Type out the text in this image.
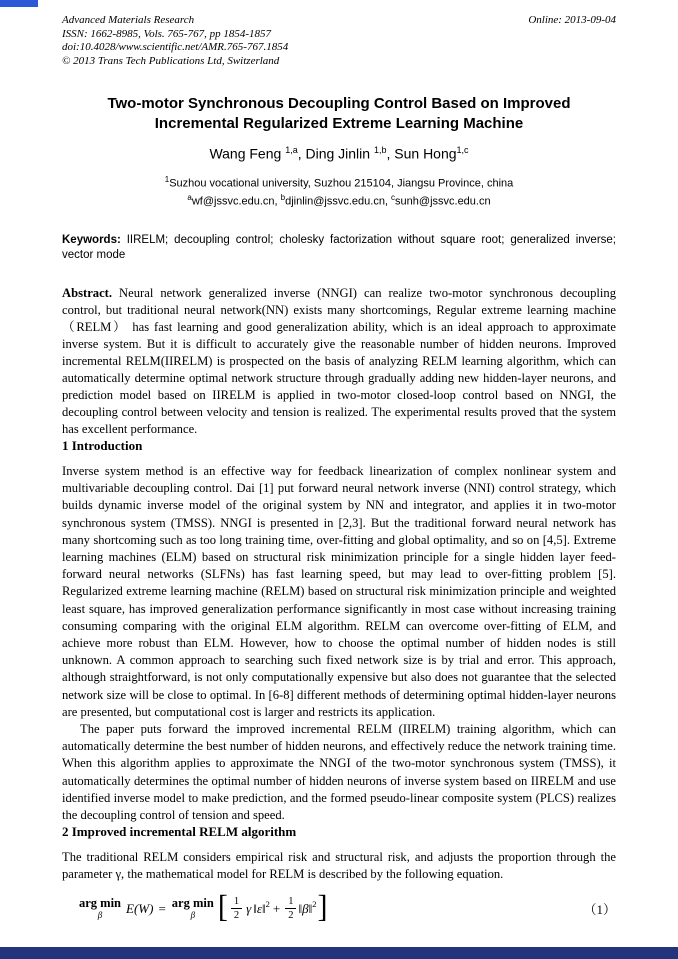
Advanced Materials Research
ISSN: 1662-8985, Vols. 765-767, pp 1854-1857
doi:10.4028/www.scientific.net/AMR.765-767.1854
© 2013 Trans Tech Publications Ltd, Switzerland
Online: 2013-09-04
Two-motor Synchronous Decoupling Control Based on Improved Incremental Regularized Extreme Learning Machine

Wang Feng $^{1,a}$, Ding Jinlin $^{1,b}$, Sun Hong$^{1,c}$

$^1$Suzhou vocational university, Suzhou 215104, Jiangsu Province, china

$^a$wf@jssvc.edu.cn, $^b$djinlin@jssvc.edu.cn, $^c$sunh@jssvc.edu.cn

Keywords: IIRELM; decoupling control; cholesky factorization without square root; generalized inverse; vector mode

Abstract. Neural network generalized inverse (NNGI) can realize two-motor synchronous decoupling control, but traditional neural network(NN) exists many shortcomings, Regular extreme learning machine （RELM） has fast learning and good generalization ability, which is an ideal approach to approximate inverse system. But it is difficult to accurately give the reasonable number of hidden neurons. Improved incremental RELM(IIRELM) is prospected on the basis of analyzing RELM learning algorithm, which can automatically determine optimal network structure through gradually adding new hidden-layer neurons, and prediction model based on IIRELM is applied in two-motor closed-loop control based on NNGI, the decoupling control between velocity and tension is realized. The experimental results proved that the system has excellent performance.

1 Introduction

Inverse system method is an effective way for feedback linearization of complex nonlinear system and multivariable decoupling control. Dai [1] put forward neural network inverse (NNI) control strategy, which builds dynamic inverse model of the original system by NN and integrator, and applies it in two-motor synchronous system (TMSS). NNGI is presented in [2,3]. But the traditional forward neural network has many shortcoming such as too long training time, over-fitting and global optimality, and so on [4,5]. Extreme learning machines (ELM) based on structural risk minimization principle for a single hidden layer feed-forward neural networks (SLFNs) has fast learning speed, but may lead to over-fitting problem [5]. Regularized extreme learning machine (RELM) based on structural risk minimization principle and weighted least square, has improved generalization performance significantly in most case without increasing training consuming comparing with the original ELM algorithm. RELM can overcome over-fitting of ELM, and achieve more robust than ELM. However, how to choose the optimal number of hidden nodes is still unknown. A common approach to searching such fixed network size is by trial and error. This approach, although straightforward, is not only computationally expensive but also does not guarantee that the selected network size will be close to optimal. In [6-8] different methods of determining optimal hidden-layer neurons are presented, but computational cost is larger and restricts its application.

The paper puts forward the improved incremental RELM (IIRELM) training algorithm, which can automatically determine the best number of hidden neurons, and effectively reduce the network training time. When this algorithm applies to approximate the NNGI of the two-motor synchronous system (TMSS), it automatically determines the optimal number of hidden neurons of inverse system based on IIRELM and use identified inverse model to make prediction, and the formed pseudo-linear composite system (PLCS) realizes the decoupling control of tension and speed.

2 Improved incremental RELM algorithm

The traditional RELM considers empirical risk and structural risk, and adjusts the proportion through the parameter γ, the mathematical model for RELM is described by the following equation.

arg min
β E(W) = arg min
β [ $\frac{1}{2}$ γ ‖ε‖ $2 + \frac{1}{2}$ ‖β‖ 2 ]	（1）
